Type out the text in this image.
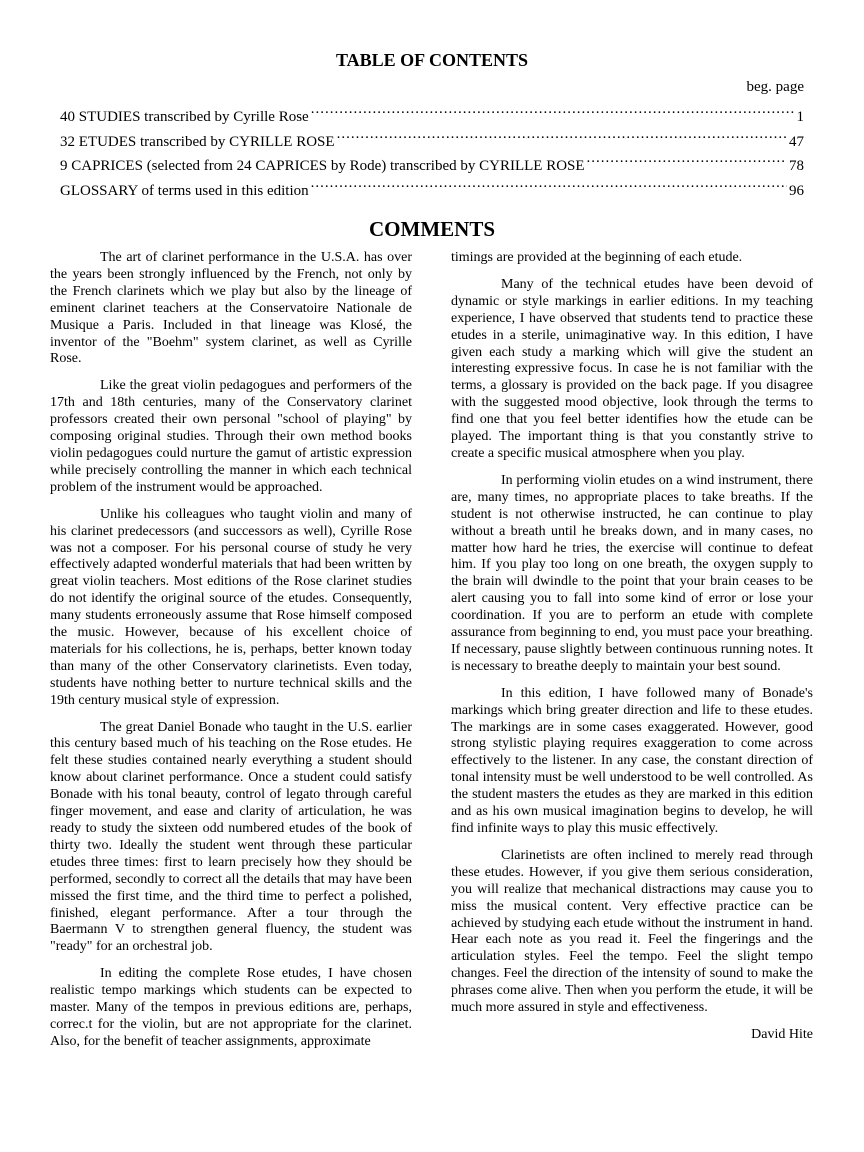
TABLE OF CONTENTS
beg. page
40 STUDIES transcribed by Cyrille Rose .....	1
32 ETUDES transcribed by CYRILLE ROSE .....	47
9 CAPRICES (selected from 24 CAPRICES by Rode) transcribed by CYRILLE ROSE .....	78
GLOSSARY of terms used in this edition .....	96
COMMENTS

The art of clarinet performance in the U.S.A. has over the years been strongly influenced by the French, not only by the French clarinets which we play but also by the lineage of eminent clarinet teachers at the Conservatoire Nationale de Musique a Paris. Included in that lineage was Klosé, the inventor of the "Boehm" system clarinet, as well as Cyrille Rose.

Like the great violin pedagogues and performers of the 17th and 18th centuries, many of the Conservatory clarinet professors created their own personal "school of playing" by composing original studies. Through their own method books violin pedagogues could nurture the gamut of artistic expression while precisely controlling the manner in which each technical problem of the instrument would be approached.

Unlike his colleagues who taught violin and many of his clarinet predecessors (and successors as well), Cyrille Rose was not a composer. For his personal course of study he very effectively adapted wonderful materials that had been written by great violin teachers. Most editions of the Rose clarinet studies do not identify the original source of the etudes. Consequently, many students erroneously assume that Rose himself composed the music. However, because of his excellent choice of materials for his collections, he is, perhaps, better known today than many of the other Conservatory clarinetists. Even today, students have nothing better to nurture technical skills and the 19th century musical style of expression.

The great Daniel Bonade who taught in the U.S. earlier this century based much of his teaching on the Rose etudes. He felt these studies contained nearly everything a student should know about clarinet performance. Once a student could satisfy Bonade with his tonal beauty, control of legato through careful finger movement, and ease and clarity of articulation, he was ready to study the sixteen odd numbered etudes of the book of thirty two. Ideally the student went through these particular etudes three times: first to learn precisely how they should be performed, secondly to correct all the details that may have been missed the first time, and the third time to perfect a polished, finished, elegant performance. After a tour through the Baermann V to strengthen general fluency, the student was "ready" for an orchestral job.

In editing the complete Rose etudes, I have chosen realistic tempo markings which students can be expected to master. Many of the tempos in previous editions are, perhaps, correc.t for the violin, but are not appropriate for the clarinet. Also, for the benefit of teacher assignments, approximate

timings are provided at the beginning of each etude.

Many of the technical etudes have been devoid of dynamic or style markings in earlier editions. In my teaching experience, I have observed that students tend to practice these etudes in a sterile, unimaginative way. In this edition, I have given each study a marking which will give the student an interesting expressive focus. In case he is not familiar with the terms, a glossary is provided on the back page. If you disagree with the suggested mood objective, look through the terms to find one that you feel better identifies how the etude can be played. The important thing is that you constantly strive to create a specific musical atmosphere when you play.

In performing violin etudes on a wind instrument, there are, many times, no appropriate places to take breaths. If the student is not otherwise instructed, he can continue to play without a breath until he breaks down, and in many cases, no matter how hard he tries, the exercise will continue to defeat him. If you play too long on one breath, the oxygen supply to the brain will dwindle to the point that your brain ceases to be alert causing you to fall into some kind of error or lose your coordination. If you are to perform an etude with complete assurance from beginning to end, you must pace your breathing. If necessary, pause slightly between continuous running notes. It is necessary to breathe deeply to maintain your best sound.

In this edition, I have followed many of Bonade's markings which bring greater direction and life to these etudes. The markings are in some cases exaggerated. However, good strong stylistic playing requires exaggeration to come across effectively to the listener. In any case, the constant direction of tonal intensity must be well understood to be well controlled. As the student masters the etudes as they are marked in this edition and as his own musical imagination begins to develop, he will find infinite ways to play this music effectively.

Clarinetists are often inclined to merely read through these etudes. However, if you give them serious consideration, you will realize that mechanical distractions may cause you to miss the musical content. Very effective practice can be achieved by studying each etude without the instrument in hand. Hear each note as you read it. Feel the fingerings and the articulation styles. Feel the tempo. Feel the slight tempo changes. Feel the direction of the intensity of sound to make the phrases come alive. Then when you perform the etude, it will be much more assured in style and effectiveness.

David Hite
